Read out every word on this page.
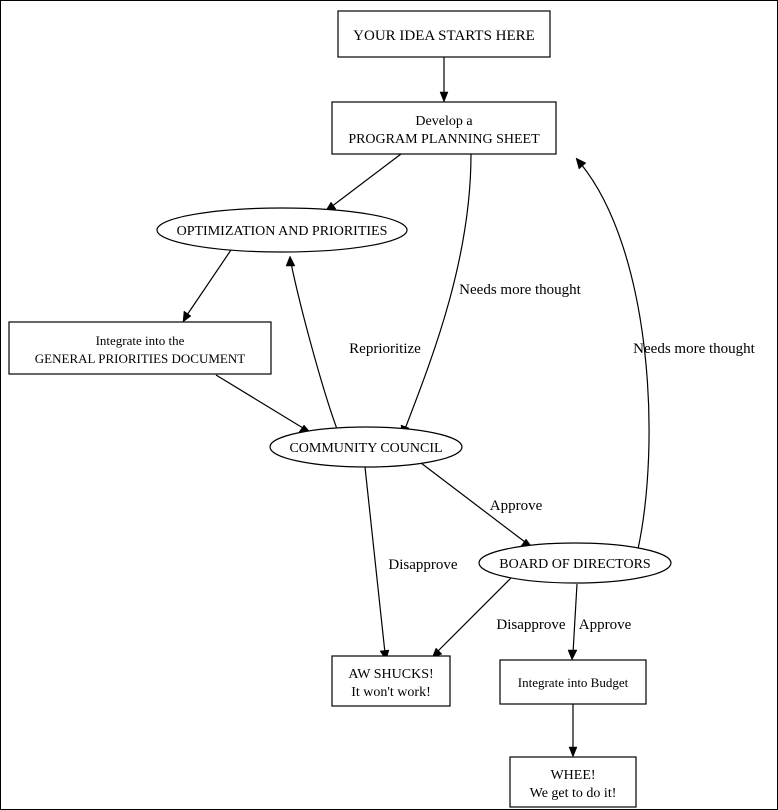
Needs more thought
Needs more thought
Reprioritize
Approve
Disapprove
Disapprove Approve
YOUR IDEA STARTS HERE
Develop a
PROGRAM PLANNING SHEET
OPTIMIZATION AND PRIORITIES
Integrate into the
GENERAL PRIORITIES DOCUMENT
COMMUNITY COUNCIL
BOARD OF DIRECTORS
AW SHUCKS!
It won't work!
Integrate into Budget
WHEE!
We get to do it!
